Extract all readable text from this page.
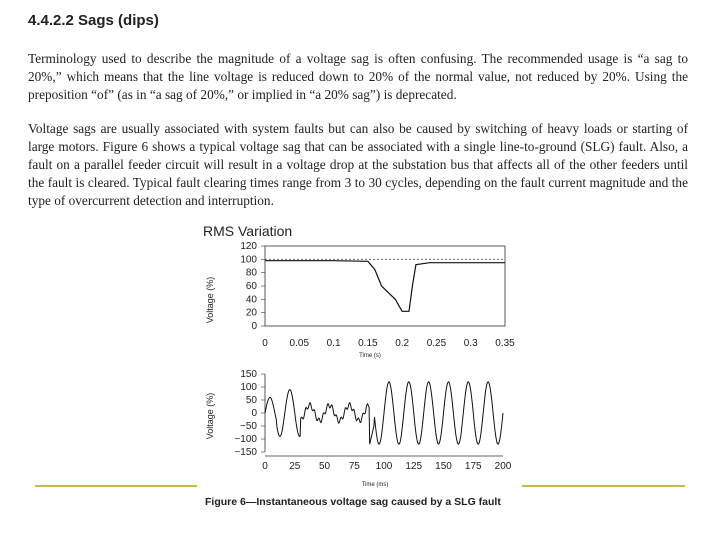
4.4.2.2 Sags (dips)
Terminology used to describe the magnitude of a voltage sag is often confusing. The recommended usage is “a sag to 20%,” which means that the line voltage is reduced down to 20% of the normal value, not reduced by 20%. Using the preposition “of” (as in “a sag of 20%,” or implied in “a 20% sag”) is deprecated.
Voltage sags are usually associated with system faults but can also be caused by switching of heavy loads or starting of large motors. Figure 6 shows a typical voltage sag that can be associated with a single line-to-ground (SLG) fault. Also, a fault on a parallel feeder circuit will result in a voltage drop at the substation bus that affects all of the other feeders until the fault is cleared. Typical fault clearing times range from 3 to 30 cycles, depending on the fault current magnitude and the type of overcurrent detection and interruption.
RMS Variation
Voltage (%)
120
100
80
60
40
20
0
0 0.05 0.1 0.15 0.2 0.25 0.3 0.35
Time (s)
Voltage (%)
150
100
50
0
−50
−100
−150
0 25 50 75 100 125 150 175 200
Time (ms)
Figure 6—Instantaneous voltage sag caused by a SLG fault
